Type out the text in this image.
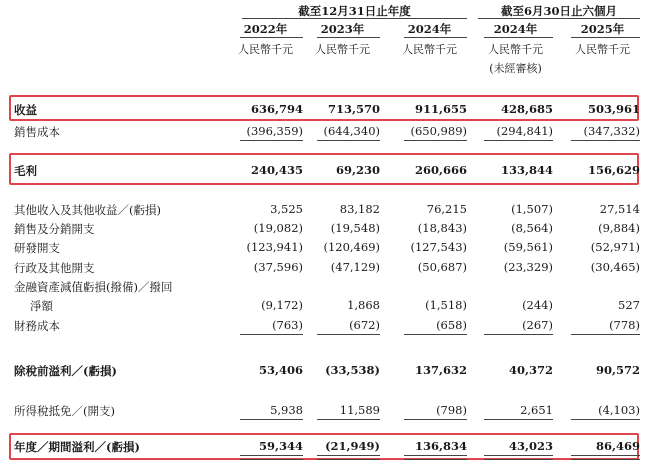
截至12月31日止年度	截至6月30日止六個月
2022年	2023年	2024年	2024年	2025年
人民幣千元	人民幣千元	人民幣千元	人民幣千元	人民幣千元
(未經審核)
收益	636,794	713,570	911,655	428,685	503,961
銷售成本	(396,359)	(644,340)	(650,989)	(294,841)	(347,332)
毛利	240,435	69,230	260,666	133,844	156,629
其他收入及其他收益／(虧損)	3,525	83,182	76,215	(1,507)	27,514
銷售及分銷開支	(19,082)	(19,548)	(18,843)	(8,564)	(9,884)
研發開支	(123,941)	(120,469)	(127,543)	(59,561)	(52,971)
行政及其他開支	(37,596)	(47,129)	(50,687)	(23,329)	(30,465)
金融資產減值虧損(撥備)／撥回
淨額	(9,172)	1,868	(1,518)	(244)	527
財務成本	(763)	(672)	(658)	(267)	(778)
除稅前溢利／(虧損)	53,406	(33,538)	137,632	40,372	90,572
所得稅抵免／(開支)	5,938	11,589	(798)	2,651	(4,103)
年度／期間溢利／(虧損)	59,344	(21,949)	136,834	43,023	86,469
